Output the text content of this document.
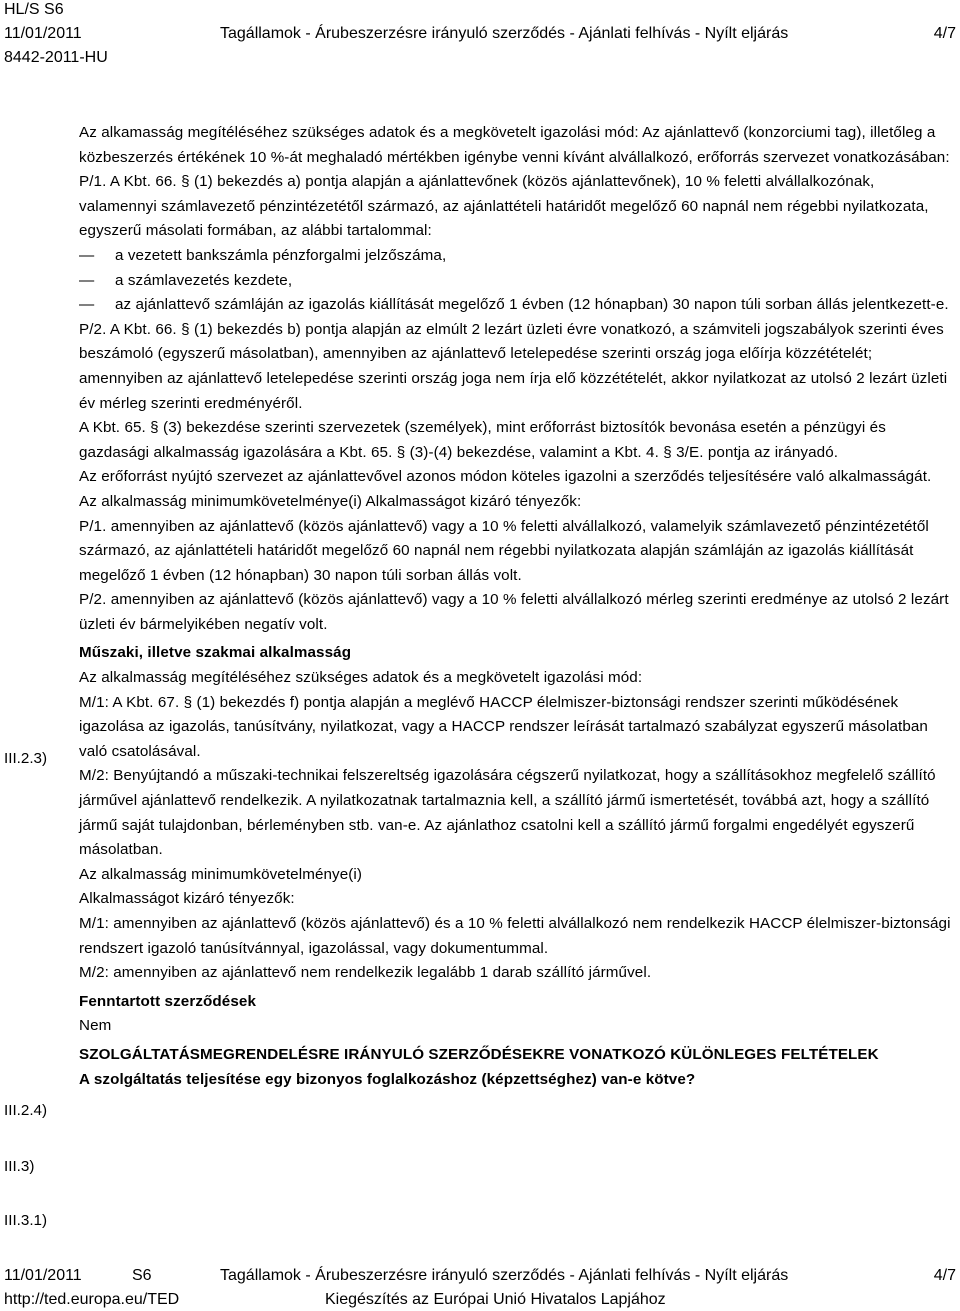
HL/S S6
11/01/2011	Tagállamok - Árubeszerzésre irányuló szerződés - Ajánlati felhívás - Nyílt eljárás	4/7
8442-2011-HU
III.2.3)
III.2.4)
III.3)
III.3.1)

Az alkamasság megítéléséhez szükséges adatok és a megkövetelt igazolási mód: Az ajánlattevő (konzorciumi tag), illetőleg a közbeszerzés értékének 10 %-át meghaladó mértékben igénybe venni kívánt alvállalkozó, erőforrás szervezet vonatkozásában:

P/1. A Kbt. 66. § (1) bekezdés a) pontja alapján a ajánlattevőnek (közös ajánlattevőnek), 10 % feletti alvállalkozónak, valamennyi számlavezető pénzintézetétől származó, az ajánlattételi határidőt megelőző 60 napnál nem régebbi nyilatkozata, egyszerű másolati formában, az alábbi tartalommal:

— a vezetett bankszámla pénzforgalmi jelzőszáma,

— a számlavezetés kezdete,

— az ajánlattevő számláján az igazolás kiállítását megelőző 1 évben (12 hónapban) 30 napon túli sorban állás jelentkezett-e.

P/2. A Kbt. 66. § (1) bekezdés b) pontja alapján az elmúlt 2 lezárt üzleti évre vonatkozó, a számviteli jogszabályok szerinti éves beszámoló (egyszerű másolatban), amennyiben az ajánlattevő letelepedése szerinti ország joga előírja közzétételét; amennyiben az ajánlattevő letelepedése szerinti ország joga nem írja elő közzétételét, akkor nyilatkozat az utolsó 2 lezárt üzleti év mérleg szerinti eredményéről.

A Kbt. 65. § (3) bekezdése szerinti szervezetek (személyek), mint erőforrást biztosítók bevonása esetén a pénzügyi és gazdasági alkalmasság igazolására a Kbt. 65. § (3)-(4) bekezdése, valamint a Kbt. 4. § 3/E. pontja az irányadó.

Az erőforrást nyújtó szervezet az ajánlattevővel azonos módon köteles igazolni a szerződés teljesítésére való alkalmasságát.

Az alkalmasság minimumkövetelménye(i) Alkalmasságot kizáró tényezők:

P/1. amennyiben az ajánlattevő (közös ajánlattevő) vagy a 10 % feletti alvállalkozó, valamelyik számlavezető pénzintézetétől származó, az ajánlattételi határidőt megelőző 60 napnál nem régebbi nyilatkozata alapján számláján az igazolás kiállítását megelőző 1 évben (12 hónapban) 30 napon túli sorban állás volt.

P/2. amennyiben az ajánlattevő (közös ajánlattevő) vagy a 10 % feletti alvállalkozó mérleg szerinti eredménye az utolsó 2 lezárt üzleti év bármelyikében negatív volt.

Műszaki, illetve szakmai alkalmasság

Az alkalmasság megítéléséhez szükséges adatok és a megkövetelt igazolási mód:

M/1: A Kbt. 67. § (1) bekezdés f) pontja alapján a meglévő HACCP élelmiszer-biztonsági rendszer szerinti működésének igazolása az igazolás, tanúsítvány, nyilatkozat, vagy a HACCP rendszer leírását tartalmazó szabályzat egyszerű másolatban való csatolásával.

M/2: Benyújtandó a műszaki-technikai felszereltség igazolására cégszerű nyilatkozat, hogy a szállításokhoz megfelelő szállító járművel ajánlattevő rendelkezik. A nyilatkozatnak tartalmaznia kell, a szállító jármű ismertetését, továbbá azt, hogy a szállító jármű saját tulajdonban, bérleményben stb. van-e. Az ajánlathoz csatolni kell a szállító jármű forgalmi engedélyét egyszerű másolatban.

Az alkalmasság minimumkövetelménye(i)

Alkalmasságot kizáró tényezők:

M/1: amennyiben az ajánlattevő (közös ajánlattevő) és a 10 % feletti alvállalkozó nem rendelkezik HACCP élelmiszer-biztonsági rendszert igazoló tanúsítvánnyal, igazolással, vagy dokumentummal.

M/2: amennyiben az ajánlattevő nem rendelkezik legalább 1 darab szállító járművel.

Fenntartott szerződések

Nem

SZOLGÁLTATÁSMEGRENDELÉSRE IRÁNYULÓ SZERZŐDÉSEKRE VONATKOZÓ KÜLÖNLEGES FELTÉTELEK

A szolgáltatás teljesítése egy bizonyos foglalkozáshoz (képzettséghez) van-e kötve?

11/01/2011	S6	Tagállamok - Árubeszerzésre irányuló szerződés - Ajánlati felhívás - Nyílt eljárás	4/7
http://ted.europa.eu/TED	Kiegészítés az Európai Unió Hivatalos Lapjához
